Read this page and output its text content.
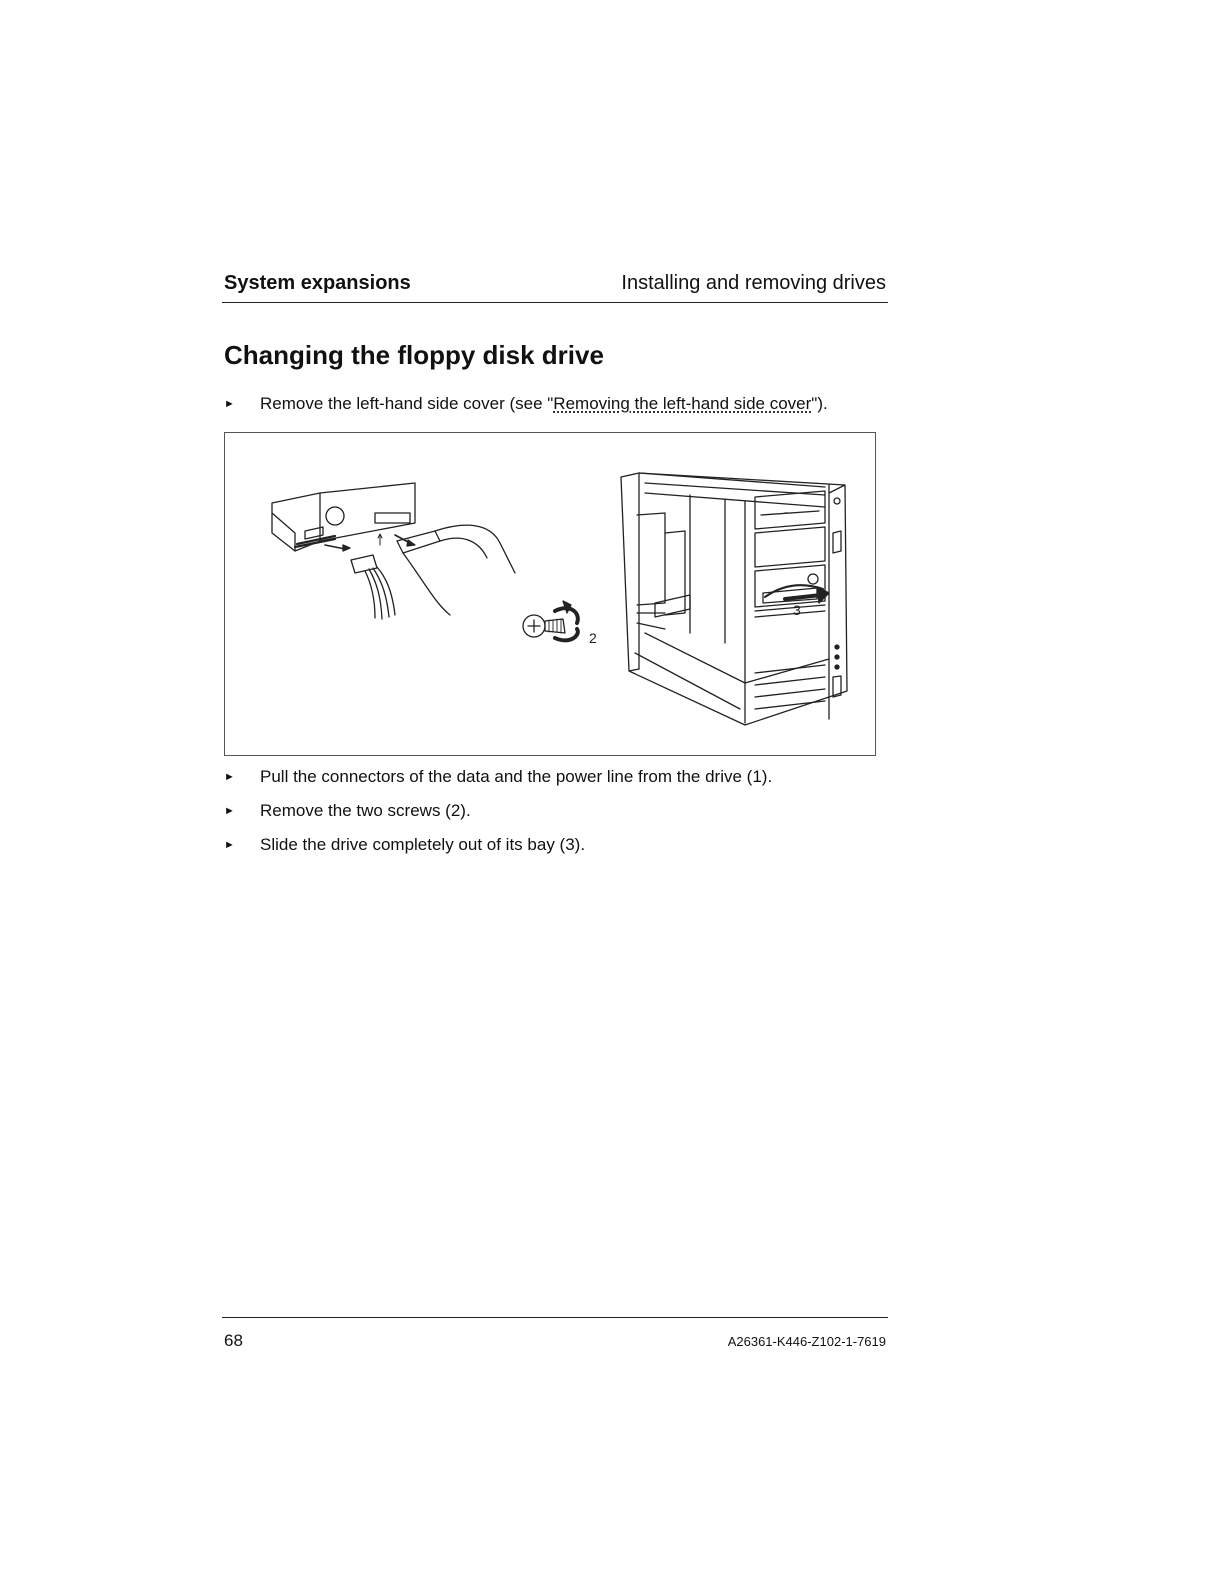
System expansions	Installing and removing drives
Changing the floppy disk drive
► Remove the left-hand side cover (see "Removing the left-hand side cover").
2
3
► Pull the connectors of the data and the power line from the drive (1).
► Remove the two screws (2).
► Slide the drive completely out of its bay (3).
68	A26361-K446-Z102-1-7619
